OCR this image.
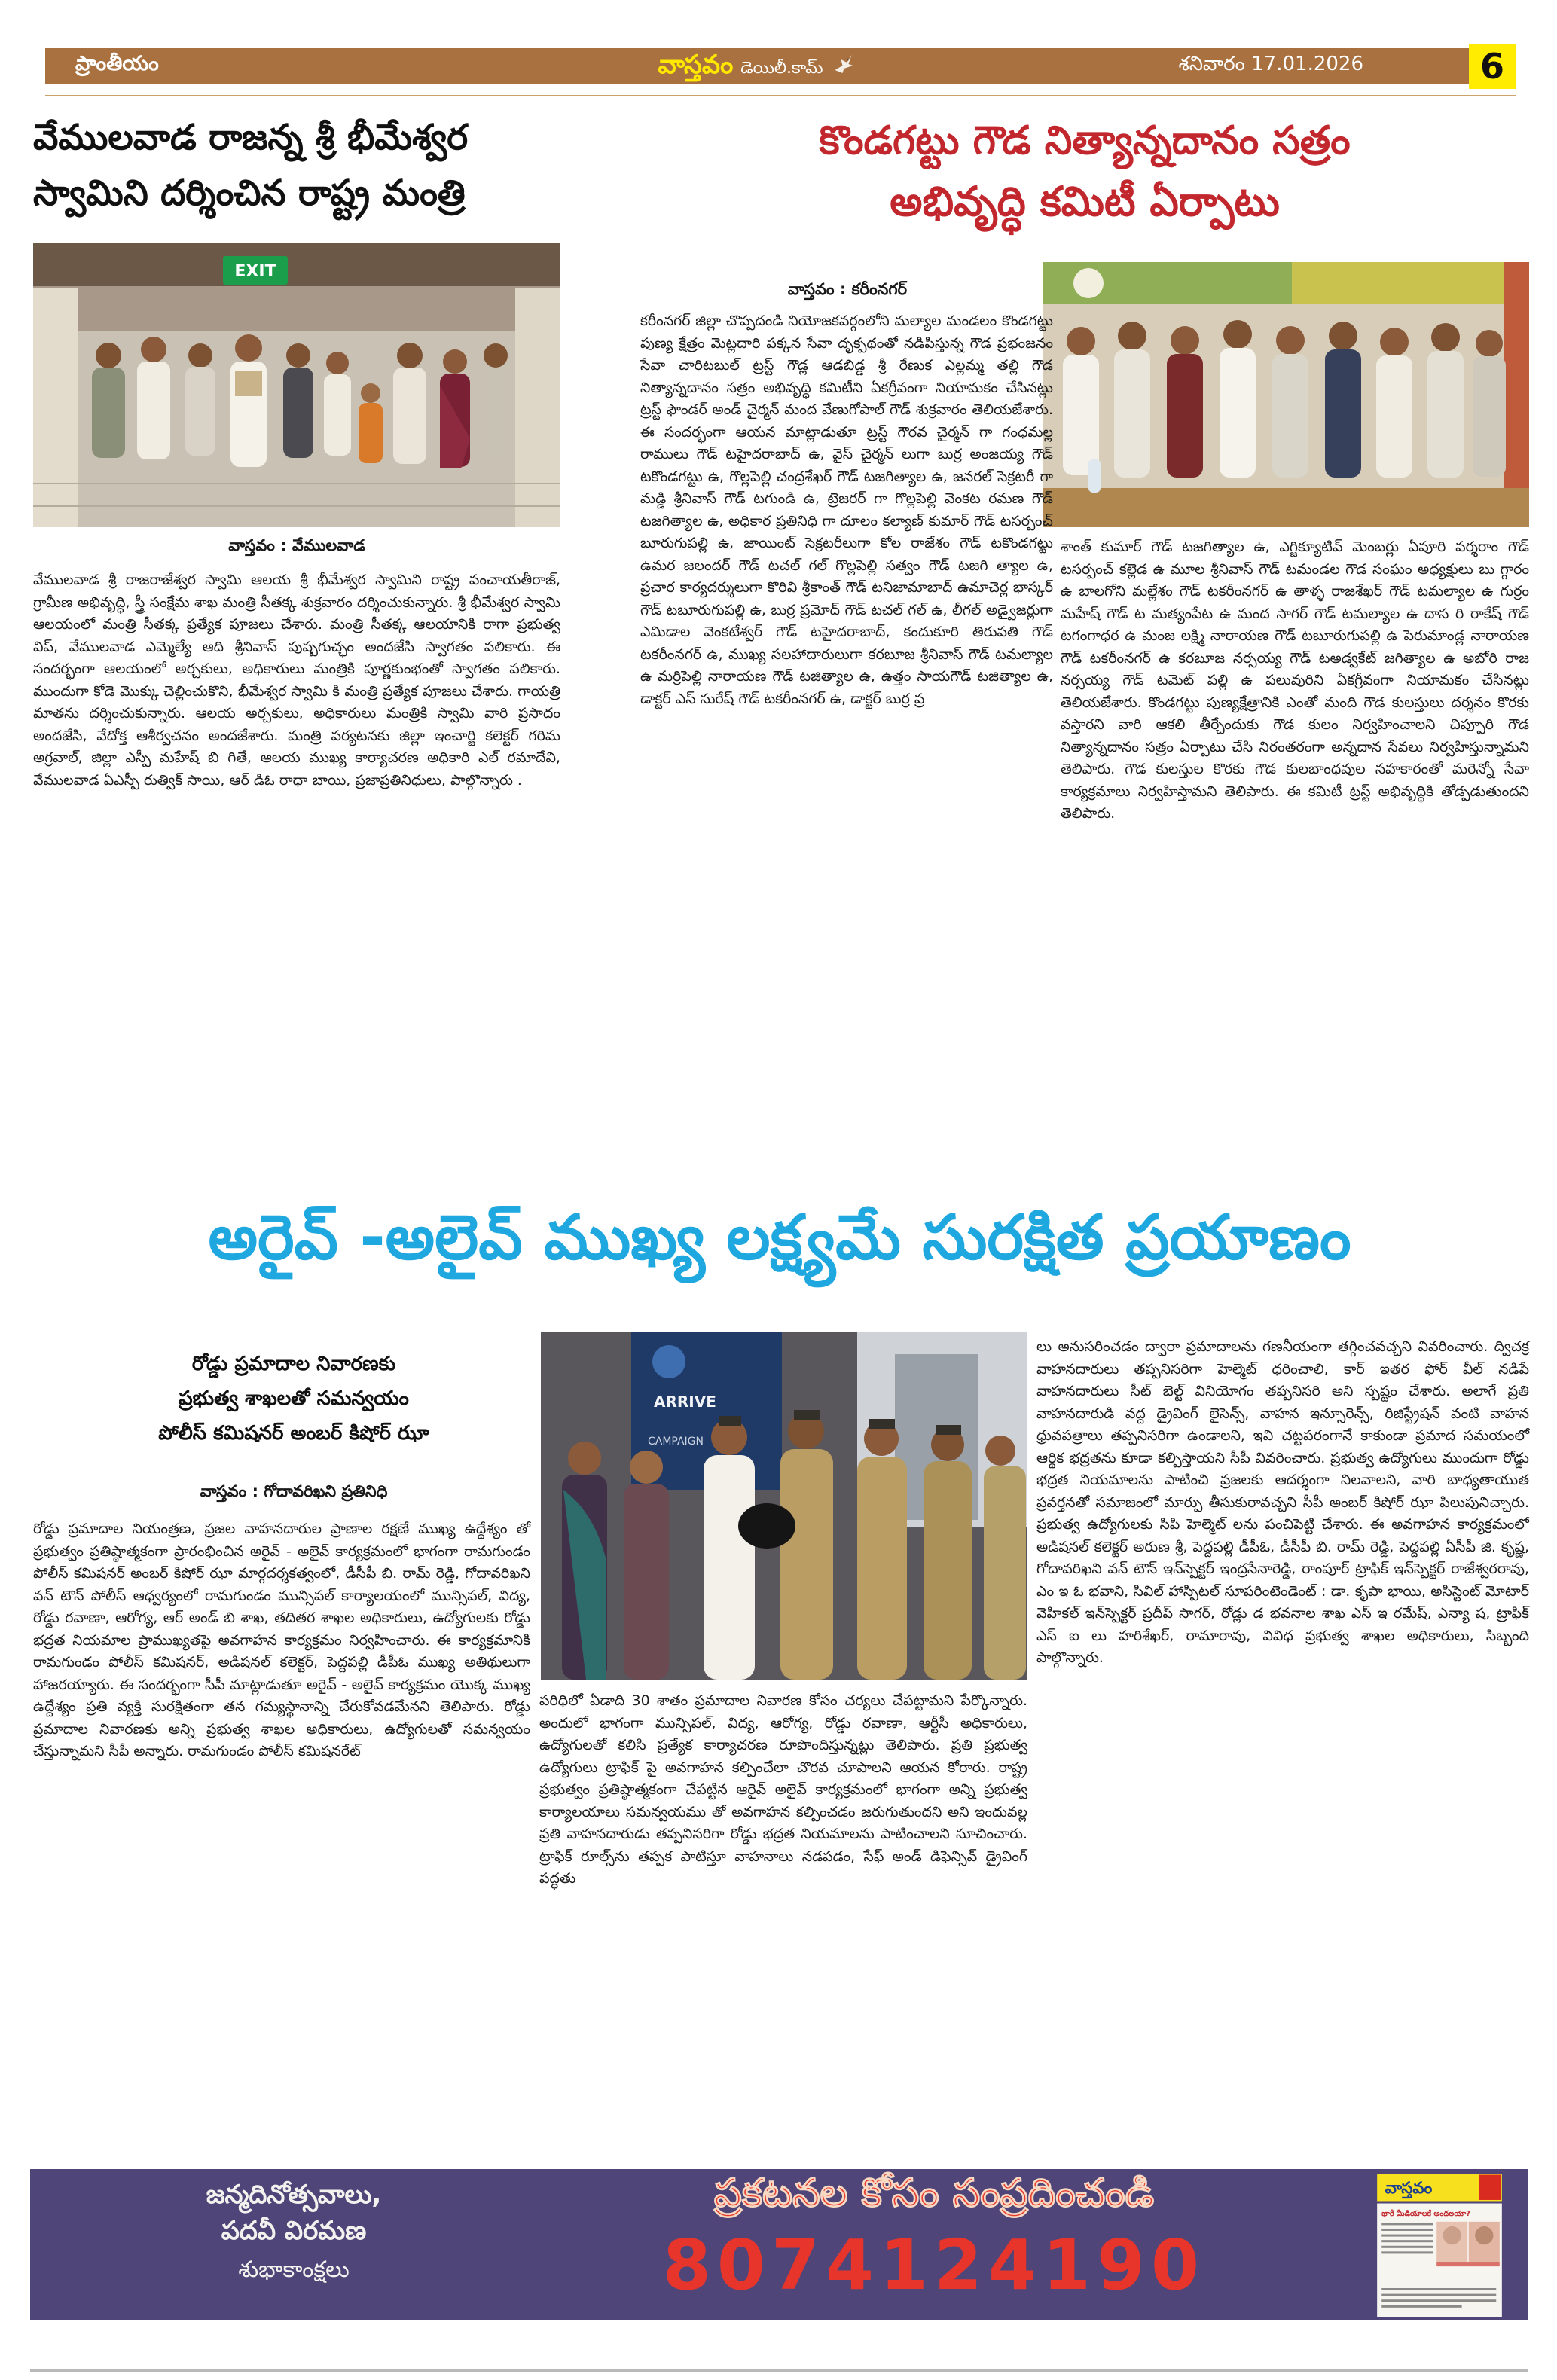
ప్రాంతీయం	వాస్తవం డెయిలీ.కామ్	శనివారం 17.01.2026	6
వేములవాడ రాజన్న శ్రీ భీమేశ్వర స్వామిని దర్శించిన రాష్ట్ర మంత్రి
EXIT
వాస్తవం : వేములవాడ
వేములవాడ శ్రీ రాజరాజేశ్వర స్వామి ఆలయ శ్రీ భీమేశ్వర స్వామిని రాష్ట్ర పంచాయతీరాజ్, గ్రామీణ అభివృద్ధి, స్త్రీ సంక్షేమ శాఖ మంత్రి సీతక్క శుక్రవారం దర్శించుకున్నారు. శ్రీ భీమేశ్వర స్వామి ఆలయంలో మంత్రి సీతక్క ప్రత్యేక పూజలు చేశారు. మంత్రి సీతక్క ఆలయానికి రాగా ప్రభుత్వ విప్, వేములవాడ ఎమ్మెల్యే ఆది శ్రీనివాస్ పుష్పగుచ్ఛం అందజేసి స్వాగతం పలికారు. ఈ సందర్భంగా ఆలయంలో అర్చకులు, అధికారులు మంత్రికి పూర్ణకుంభంతో స్వాగతం పలికారు. ముందుగా కోడె మొక్కు చెల్లించుకొని, భీమేశ్వర స్వామి కి మంత్రి ప్రత్యేక పూజలు చేశారు. గాయత్రి మాతను దర్శించుకున్నారు. ఆలయ అర్చకులు, అధికారులు మంత్రికి స్వామి వారి ప్రసాదం అందజేసి, వేదోక్త ఆశీర్వచనం అందజేశారు. మంత్రి పర్యటనకు జిల్లా ఇంచార్జి కలెక్టర్ గరిమ అగ్రవాల్, జిల్లా ఎస్పీ మహేష్ బి గితే, ఆలయ ముఖ్య కార్యాచరణ అధికారి ఎల్ రమాదేవి, వేములవాడ ఏఎస్పీ రుత్విక్ సాయి, ఆర్ డిఓ రాధా బాయి, ప్రజాప్రతినిధులు, పాల్గొన్నారు .
కొండగట్టు గౌడ నిత్యాన్నదానం సత్రం
అభివృద్ధి కమిటీ ఏర్పాటు
వాస్తవం : కరీంనగర్
కరీంనగర్ జిల్లా చొప్పదండి నియోజకవర్గంలోని మల్యాల మండలం కొండగట్టు పుణ్య క్షేత్రం మెట్లదారి పక్కన సేవా దృక్పథంతో నడిపిస్తున్న గౌడ ప్రభంజనం సేవా చారిటబుల్ ట్రస్ట్ గౌడ్ల ఆడబిడ్డ శ్రీ రేణుక ఎల్లమ్మ తల్లి గౌడ నిత్యాన్నదానం సత్రం అభివృద్ధి కమిటీని ఏకగ్రీవంగా నియామకం చేసినట్లు ట్రస్ట్ ఫౌండర్ అండ్ చైర్మన్ మంద వేణుగోపాల్ గౌడ్ శుక్రవారం తెలియజేశారు. ఈ సందర్భంగా ఆయన మాట్లాడుతూ ట్రస్ట్ గౌరవ చైర్మన్ గా గంధమల్ల రాములు గౌడ్ టహైదరాబాద్ ఉ, వైస్ చైర్మన్ లుగా బుర్ర అంజయ్య గౌడ్ టకొండగట్టు ఉ, గొల్లపెల్లి చంద్రశేఖర్ గౌడ్ టజగిత్యాల ఉ, జనరల్ సెక్రటరీ గా మడ్డి శ్రీనివాస్ గౌడ్ టగుండి ఉ, ట్రెజరర్ గా గొల్లపెల్లి వెంకట రమణ గౌడ్ టజగిత్యాల ఉ, అధికార ప్రతినిధి గా దూలం కల్యాణ్ కుమార్ గౌడ్ టసర్పంచ్ బూరుగుపల్లి ఉ, జాయింట్ సెక్రటరీలుగా కోల రాజేశం గౌడ్ టకొండగట్టు ఉమర జలందర్ గౌడ్ టచల్ గల్ గొల్లపెల్లి సత్వం గౌడ్ టజగి త్యాల ఉ, ప్రచార కార్యదర్శులుగా కొరివి శ్రీకాంత్ గౌడ్ టనిజామాబాద్ ఉమాచెర్ల భాస్కర్ గౌడ్ టబూరుగుపల్లి ఉ, బుర్ర ప్రమోద్ గౌడ్ టచల్ గల్ ఉ, లీగల్ అడ్వైజర్లుగా ఎమిడాల వెంకటేశ్వర్ గౌడ్ టహైదరాబాద్, కందుకూరి తిరుపతి గౌడ్ టకరీంనగర్ ఉ, ముఖ్య సలహాదారులుగా కరబూజ శ్రీనివాస్ గౌడ్ టమల్యాల ఉ మర్రిపెల్లి నారాయణ గౌడ్ టజిత్యాల ఉ, ఉత్తం సాయగౌడ్ టజిత్యాల ఉ, డాక్టర్ ఎస్ సురేష్ గౌడ్ టకరీంనగర్ ఉ, డాక్టర్ బుర్ర ప్ర
శాంత్ కుమార్ గౌడ్ టజగిత్యాల ఉ, ఎగ్జిక్యూటివ్ మెంబర్లు ఏపూరి పర్శరాం గౌడ్ టసర్పంచ్ కల్లెడ ఉ మూల శ్రీనివాస్ గౌడ్ టమండల గౌడ సంఘం అధ్యక్షులు బు గ్గారం ఉ బాలగోని మల్లేశం గౌడ్ టకరీంనగర్ ఉ తాళ్ళ రాజశేఖర్ గౌడ్ టమల్యాల ఉ గుర్రం మహేష్ గౌడ్ ట మత్యంపేట ఉ మంద సాగర్ గౌడ్ టమల్యాల ఉ దాస రి రాకేష్ గౌడ్ టగంగాధర ఉ మంజ లక్ష్మి నారాయణ గౌడ్ టబూరుగుపల్లి ఉ పెరుమాండ్ల నారాయణ గౌడ్ టకరీంనగర్ ఉ కరబూజ నర్సయ్య గౌడ్ టఅడ్వకేట్ జగిత్యాల ఉ అబోరి రాజ నర్సయ్య గౌడ్ టమెట్ పల్లి ఉ పలువురిని ఏకగ్రీవంగా నియామకం చేసినట్లు తెలియజేశారు. కొండగట్టు పుణ్యక్షేత్రానికి ఎంతో మంది గౌడ కులస్తులు దర్శనం కొరకు వస్తారని వారి ఆకలి తీర్చేందుకు గౌడ కులం నిర్వహించాలని చిప్పూరి గౌడ నిత్యాన్నదానం సత్రం ఏర్పాటు చేసి నిరంతరంగా అన్నదాన సేవలు నిర్వహిస్తున్నామని తెలిపారు. గౌడ కులస్తుల కొరకు గౌడ కులబాంధవుల సహకారంతో మరెన్నో సేవా కార్యక్రమాలు నిర్వహిస్తామని తెలిపారు. ఈ కమిటీ ట్రస్ట్ అభివృద్ధికి తోడ్పడుతుందని తెలిపారు.
అరైవ్ -అలైవ్ ముఖ్య లక్ష్యమే సురక్షిత ప్రయాణం
రోడ్డు ప్రమాదాల నివారణకు
ప్రభుత్వ శాఖలతో సమన్వయం
పోలీస్ కమిషనర్ అంబర్ కిషోర్ ఝా
వాస్తవం : గోదావరిఖని ప్రతినిధి
ARRIVE
CAMPAIGN
రోడ్డు ప్రమాదాల నియంత్రణ, ప్రజల వాహనదారుల ప్రాణాల రక్షణే ముఖ్య ఉద్దేశ్యం తో ప్రభుత్వం ప్రతిష్ఠాత్మకంగా ప్రారంభించిన అరైవ్ - అలైవ్ కార్యక్రమంలో భాగంగా రామగుండం పోలీస్ కమిషనర్ అంబర్ కిషోర్ ఝా మార్గదర్శకత్వంలో, డీసీపీ బి. రామ్ రెడ్డి, గోదావరిఖని వన్ టౌన్ పోలీస్ ఆధ్వర్యంలో రామగుండం మున్సిపల్ కార్యాలయంలో మున్సిపల్, విద్య, రోడ్డు రవాణా, ఆరోగ్య, ఆర్ అండ్ బి శాఖ, తదితర శాఖల అధికారులు, ఉద్యోగులకు రోడ్డు భద్రత నియమాల ప్రాముఖ్యతపై అవగాహన కార్యక్రమం నిర్వహించారు. ఈ కార్యక్రమానికి రామగుండం పోలీస్ కమిషనర్, అడిషనల్ కలెక్టర్, పెద్దపల్లి డీపీఓ ముఖ్య అతిథులుగా హాజరయ్యారు. ఈ సందర్భంగా సీపీ మాట్లాడుతూ అరైవ్ - అలైవ్ కార్యక్రమం యొక్క ముఖ్య ఉద్దేశ్యం ప్రతి వ్యక్తి సురక్షితంగా తన గమ్యస్థానాన్ని చేరుకోవడమేనని తెలిపారు. రోడ్డు ప్రమాదాల నివారణకు అన్ని ప్రభుత్వ శాఖల అధికారులు, ఉద్యోగులతో సమన్వయం చేస్తున్నామని సీపీ అన్నారు. రామగుండం పోలీస్ కమిషనరేట్
పరిధిలో ఏడాది 30 శాతం ప్రమాదాల నివారణ కోసం చర్యలు చేపట్టామని పేర్కొన్నారు. అందులో భాగంగా మున్సిపల్, విద్య, ఆరోగ్య, రోడ్డు రవాణా, ఆర్టీసీ అధికారులు, ఉద్యోగులతో కలిసి ప్రత్యేక కార్యాచరణ రూపొందిస్తున్నట్లు తెలిపారు. ప్రతి ప్రభుత్వ ఉద్యోగులు ట్రాఫిక్ పై అవగాహన కల్పించేలా చొరవ చూపాలని ఆయన కోరారు. రాష్ట్ర ప్రభుత్వం ప్రతిష్ఠాత్మకంగా చేపట్టిన ఆరైవ్ అలైవ్ కార్యక్రమంలో భాగంగా అన్ని ప్రభుత్వ కార్యాలయాలు సమన్వయము తో అవగాహన కల్పించడం జరుగుతుందని అని ఇందువల్ల ప్రతి వాహనదారుడు తప్పనిసరిగా రోడ్డు భద్రత నియమాలను పాటించాలని సూచించారు. ట్రాఫిక్ రూల్స్‌ను తప్పక పాటిస్తూ వాహనాలు నడపడం, సేఫ్ అండ్ డిఫెన్సివ్ డ్రైవింగ్ పద్ధతు
లు అనుసరించడం ద్వారా ప్రమాదాలను గణనీయంగా తగ్గించవచ్చని వివరించారు. ద్విచక్ర వాహనదారులు తప్పనిసరిగా హెల్మెట్ ధరించాలి, కార్ ఇతర ఫోర్ వీల్ నడిపే వాహనదారులు సీట్ బెల్ట్ వినియోగం తప్పనిసరి అని స్పష్టం చేశారు. అలాగే ప్రతి వాహనదారుడి వద్ద డ్రైవింగ్ లైసెన్స్, వాహన ఇన్సూరెన్స్, రిజిస్ట్రేషన్ వంటి వాహన ధ్రువపత్రాలు తప్పనిసరిగా ఉండాలని, ఇవి చట్టపరంగానే కాకుండా ప్రమాద సమయంలో ఆర్థిక భద్రతను కూడా కల్పిస్తాయని సీపీ వివరించారు. ప్రభుత్వ ఉద్యోగులు ముందుగా రోడ్డు భద్రత నియమాలను పాటించి ప్రజలకు ఆదర్శంగా నిలవాలని, వారి బాధ్యతాయుత ప్రవర్తనతో సమాజంలో మార్పు తీసుకురావచ్చని సీపీ అంబర్ కిషోర్ ఝా పిలుపునిచ్చారు. ప్రభుత్వ ఉద్యోగులకు సిపి హెల్మెట్ లను పంచిపెట్టి చేశారు. ఈ అవగాహన కార్యక్రమంలో అడిషనల్ కలెక్టర్ అరుణ శ్రీ, పెద్దపల్లి డీపీఓ, డీసీపీ బి. రామ్ రెడ్డి, పెద్దపల్లి ఏసీపీ జి. కృష్ణ, గోదావరిఖని వన్ టౌన్ ఇన్‌స్పెక్టర్ ఇంద్రసేనారెడ్డి, రాంపూర్ ట్రాఫిక్ ఇన్‌స్పెక్టర్ రాజేశ్వరరావు, ఎం ఇ ఓ భవాని, సివిల్ హాస్పిటల్ సూపరింటెండెంట్ : డా. కృపా భాయి, అసిస్టెంట్ మోటార్ వెహికల్ ఇన్‌స్పెక్టర్ ప్రదీప్ సాగర్, రోడ్లు డ భవనాల శాఖ ఎస్ ఇ రమేష్, ఎన్యా ష, ట్రాఫిక్ ఎస్ ఐ లు హరిశేఖర్, రామారావు, వివిధ ప్రభుత్వ శాఖల అధికారులు, సిబ్బంది పాల్గొన్నారు.
జన్మదినోత్సవాలు,
పదవీ విరమణ
శుభాకాంక్షలు
ప్రకటనల కోసం సంప్రదించండి
8074124190
వాస్తవం
భారీ మీడియాలకే అందలయా?
